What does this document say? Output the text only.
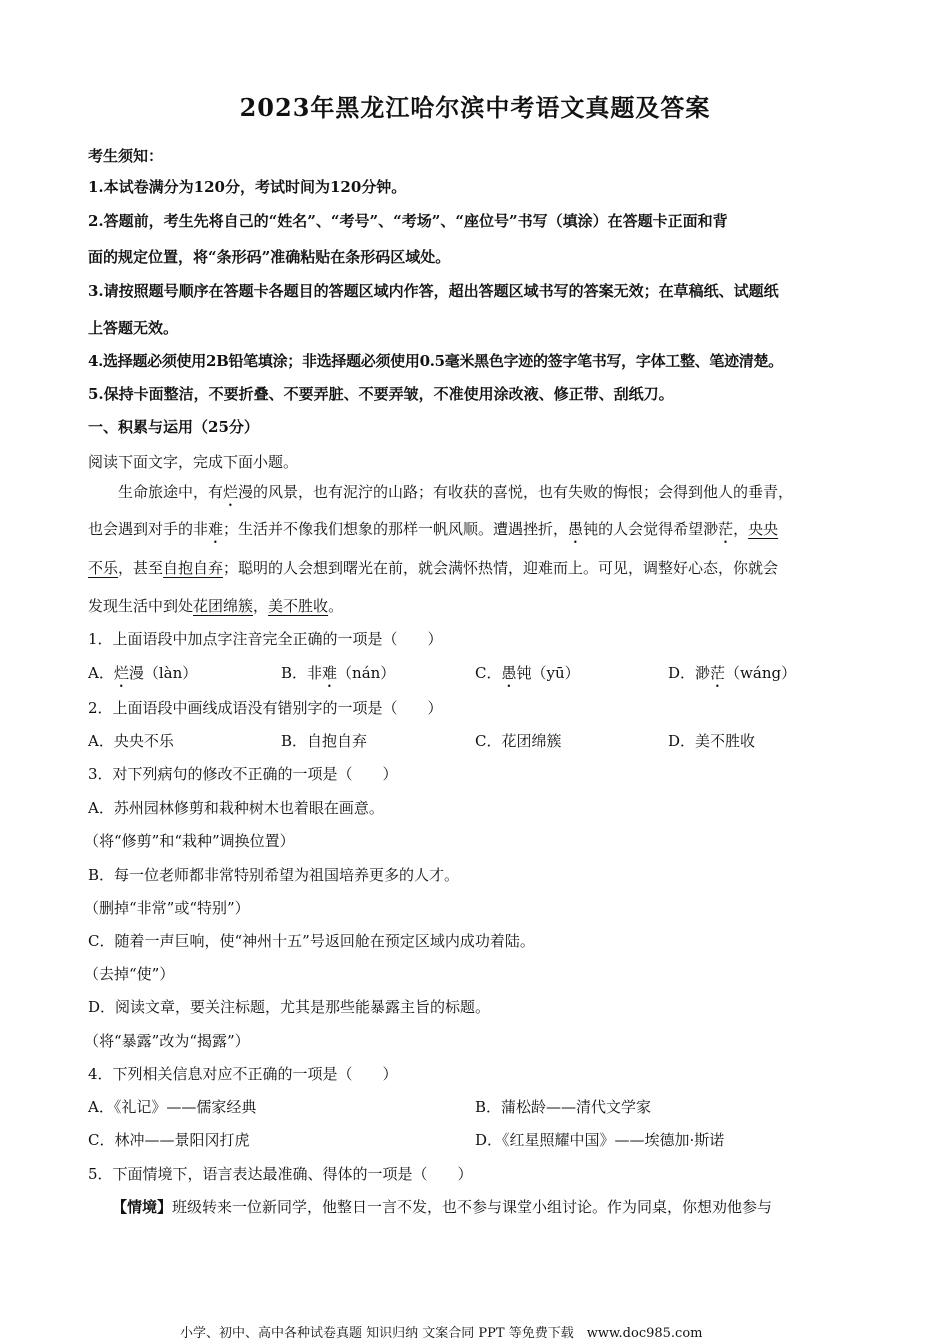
2023年黑龙江哈尔滨中考语文真题及答案
考生须知：
1.本试卷满分为120分，考试时间为120分钟。
2.答题前，考生先将自己的“姓名”、“考号”、“考场”、“座位号”书写（填涂）在答题卡正面和背
面的规定位置，将“条形码”准确粘贴在条形码区域处。
3.请按照题号顺序在答题卡各题目的答题区域内作答，超出答题区域书写的答案无效；在草稿纸、试题纸
上答题无效。
4.选择题必须使用2B铅笔填涂；非选择题必须使用0.5毫米黑色字迹的签字笔书写，字体工整、笔迹清楚。
5.保持卡面整洁，不要折叠、不要弄脏、不要弄皱，不准使用涂改液、修正带、刮纸刀。
一、积累与运用（25分）
阅读下面文字，完成下面小题。
生命旅途中，有烂漫的风景，也有泥泞的山路；有收获的喜悦，也有失败的悔恨；会得到他人的垂青，
也会遇到对手的非难；生活并不像我们想象的那样一帆风顺。遭遇挫折，愚钝的人会觉得希望渺茫，央央
不乐，甚至自抱自弃；聪明的人会想到曙光在前，就会满怀热情，迎难而上。可见，调整好心态，你就会
发现生活中到处花团绵簇，美不胜收。
1．上面语段中加点字注音完全正确的一项是（　　）
A．烂漫（làn）	B．非难（nán）	C．愚钝（yū）	D．渺茫（wáng）
2．上面语段中画线成语没有错别字的一项是（　　）
A．央央不乐	B．自抱自弃	C．花团绵簇	D．美不胜收
3．对下列病句的修改不正确的一项是（　　）
A．苏州园林修剪和栽种树木也着眼在画意。
（将“修剪”和“栽种”调换位置）
B．每一位老师都非常特别希望为祖国培养更多的人才。
（删掉“非常”或“特别”）
C．随着一声巨响，使“神州十五”号返回舱在预定区域内成功着陆。
（去掉“使”）
D．阅读文章，要关注标题，尤其是那些能暴露主旨的标题。
（将“暴露”改为“揭露”）
4．下列相关信息对应不正确的一项是（　　）
A．《礼记》——儒家经典	B．蒲松龄——清代文学家
C．林冲——景阳冈打虎	D．《红星照耀中国》——埃德加·斯诺
5．下面情境下，语言表达最准确、得体的一项是（　　）
【情境】班级转来一位新同学，他整日一言不发，也不参与课堂小组讨论。作为同桌，你想劝他参与
小学、初中、高中各种试卷真题 知识归纳 文案合同 PPT 等免费下载　www.doc985.com
